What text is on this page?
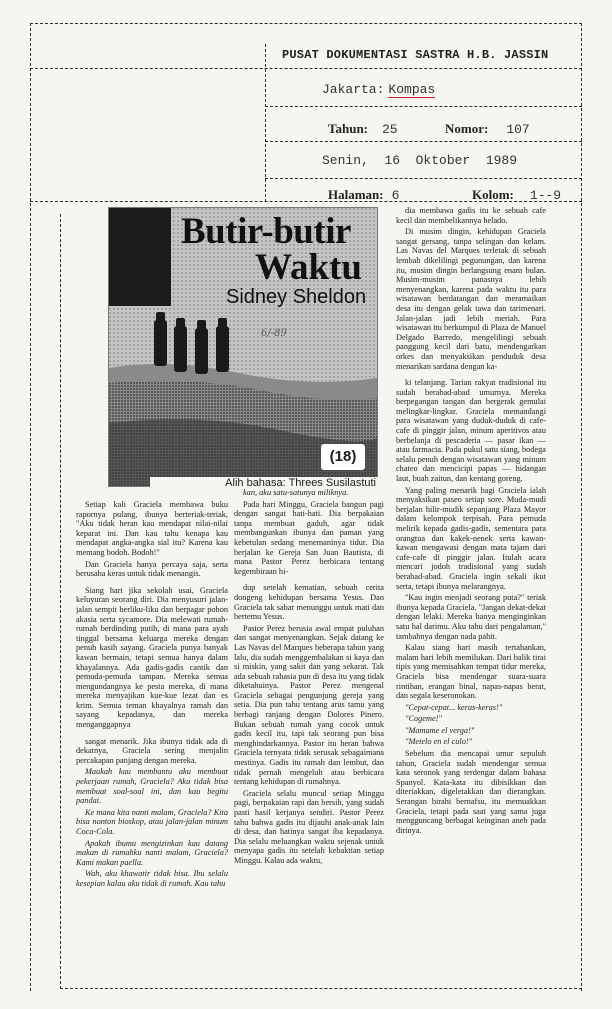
PUSAT DOKUMENTASI SASTRA H.B. JASSIN
Jakarta: Kompas
Tahun: 25	Nomor: 107
Senin,  16  Oktober  1989
Halaman: 6	Kolom: 1--9
Butir-butir
Waktu
Sidney Sheldon
6/-89
(18)
Alih bahasa: Threes Susilastuti

Setiap kali Graciela membawa buku rapornya pulang, ibunya berteriak-teriak, "Aku tidak heran kau mendapat nilai-nilai keparat ini. Dan kau tahu kenapa kau mendapat angka-angka sial itu? Karena kau memang bodoh. Bodoh!"

Dan Graciela hanya percaya saja, serta berusaha keras untuk tidak menangis.

Siang hari jika sekolah usai, Graciela keluyuran seorang diri. Dia menyusuri jalan-jalan sempit berliku-liku dan berpagar pohon akasia serta sycamore. Dia melewati rumah-rumah berdinding putih, di mana para ayah tinggal bersama keluarga mereka dengan penuh kasih sayang. Graciela punya banyak kawan bermain, tetapi semua hanya dalam khayalannya. Ada gadis-gadis cantik dan pemuda-pemuda tampan. Mereka semua mengundangnya ke pesta mereka, di mana mereka menyajikan kue-kue lezat dan es krim. Semua teman khayalnya ramah dan sayang kepadanya, dan mereka menganggapnya

sangat menarik. Jika ibunya tidak ada di dekatnya, Graciela sering menjalin percakapan panjang dengan mereka.

Maukah kau membantu aku membuat pekerjaan rumah, Graciela? Aku tidak bisa membuat soal-soal ini, dan kau begitu pandai.

Ke mana kita nanti malam, Graciela? Kita bisa nonton bioskop, atau jalan-jalan minum Coca-Cola.

Apakah ibumu mengizinkan kau datang makan di rumahku nanti malam, Graciela? Kami makan paella.

Wah, aku khawatir tidak bisa. Ibu selalu kesepian kalau aku tidak di rumah. Kau tahu

kan, aku satu-satunya miliknya.

Pada hari Minggu, Graciela bangun pagi dengan sangat hati-hati. Dia berpakaian tanpa membuat gaduh, agar tidak membangunkan ibunya dan paman yang kebetulan sedang menemaninya tidur. Dia berjalan ke Gereja San Juan Bautista, di mana Pastor Perez berbicara tentang kegembiraan hi-

dup setelah kematian, sebuah cerita dongeng kehidupan bersama Yesus. Dan Graciela tak sabar menunggu untuk mati dan bertemu Yesus.

Pastor Perez berusia awal empat puluhan dan sangat menyenangkan. Sejak datang ke Las Navas del Marques beberapa tahun yang lalu, dia sudah menggembalakan si kaya dan si miskin, yang sakit dan yang sekarat. Tak ada sebuah rahasia pun di desa itu yang tidak diketahuinya. Pastor Perez mengenal Graciela sebagai pengunjung gereja yang setia. Dia pun tahu tentang arus tamu yang berbagi ranjang dengan Dolores Pinero. Bukan sebuah rumah yang cocok untuk gadis kecil itu, tapi tak seorang pun bisa menghindarkannya. Pastor itu heran bahwa Graciela ternyata tidak serusak sebagaimana mestinya. Gadis itu ramah dan lembut, dan tidak pernah mengeluh atau berbicara tentang kehidupan di rumahnya.

Graciela selalu muncul setiap Minggu pagi, berpakaian rapi dan bersih, yang sudah pasti hasil kerjanya sendiri. Pastor Perez tahu bahwa gadis itu dijauhi anak-anak lain di desa, dan hatinya sangat iba kepadanya. Dia selalu meluangkan waktu sejenak untuk menyapa gadis itu setelah kebaktian setiap Minggu. Kalau ada waktu,

dia membawa gadis itu ke sebuah cafe kecil dan membelikannya helado.

Di musim dingin, kehidupan Graciela sangat gersang, tanpa selingan dan kelam. Las Navas del Marques terletak di sebuah lembah dikelilingi pegunungan, dan karena itu, musim dingin berlangsung enam bulan. Musim-musim panasnya lebih menyenangkan, karena pada waktu itu para wisatawan berdatangan dan meramaikan desa itu dengan gelak tawa dan tarimenari. Jalan-jalan jadi lebih meriah. Para wisatawan itu berkumpul di Plaza de Manuel Delgado Barredo, mengelilingi sebuah panggung kecil dari batu, mendengarkan orkes dan menyaksikan penduduk desa menarikan sardana dengan ka-

ki telanjang. Tarian rakyat tradisional itu sudah berabad-abad umurnya. Mereka berpegangan tangan dan bergerak gemulai melingkar-lingkar. Graciela memandangi para wisatawan yang duduk-duduk di cafe-cafe di pinggir jalan, minum aperitivos atau berbelanja di pescaderia — pasar ikan — atau farmacia. Pada pukul satu siang, bodega selalu penuh dengan wisatawan yang minum chateo dan mencicipi papas — hidangan laut, buah zaitun, dan kentang goreng.

Yang paling menarik bagi Graciela ialah menyaksikan paseo setiap sore. Muda-mudi berjalan hilir-mudik sepanjang Plaza Mayor dalam kelompok terpisah. Para pemuda melirik kepada gadis-gadis, sementara para orangtua dan kakek-nenek serta kawan-kawan mengawasi dengan mata tajam dari cafe-cafe di pinggir jalan. Itulah acara mencari jodoh tradisional yang sudah berabad-abad. Graciela ingin sekali ikut serta, tetapi ibunya melarangnya.

"Kau ingin menjadi seorang puta?" teriak ibunya kepada Graciela. "Jangan dekat-dekat dengan lelaki. Mereka hanya menginginkan satu hal darimu. Aku tahu dari pengalaman," tambahnya dengan nada pahit.

Kalau siang hari masih tertahankan, malam hari lebih memilukan. Dari balik tirai tipis yang memisahkan tempat tidur mereka, Graciela bisa mendengar suara-suara rintihan, erangan binal, napas-napas berat, dan segala keseronokan.

"Cepat-cepat... keras-keras!"

"Cogeme!"

"Mamame el verga!"

"Metelo en el culo!"

Sebelum dia mencapai umur sepuluh tahun, Graciela sudah mendengar semua kata seronok yang terdengar dalam bahasa Spanyol. Kata-kata itu dibisikkan dan diteriakkan, digeletakkan dan dierangkan. Serangan birahi bernafsu, itu memuakkan Graciela, tetapi pada saat yang sama juga mengguncang berbagai keinginan aneh pada dirinya.
